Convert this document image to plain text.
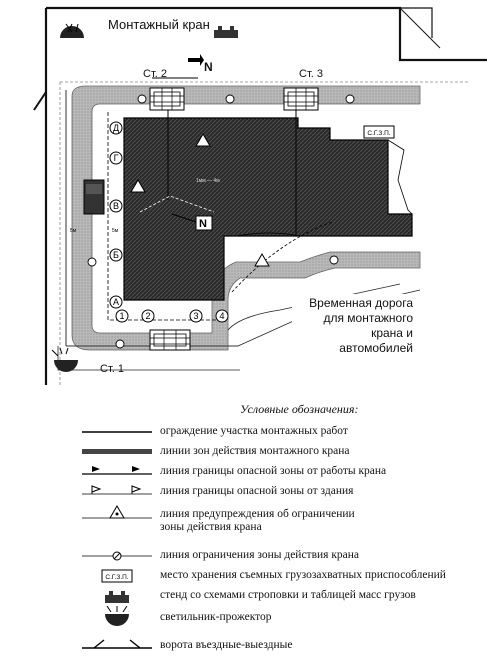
N
Д
Г
В
Б
А
1 2	3 4
С.Г.З.П.
5м	5м
1мм — 4м
Монтажный кран
N
Ст. 2	Ст. 3
Ст. 1
Временная дорога для монтажного крана и автомобилей
Условные обозначения:
ограждение участка монтажных работ
линии зон действия монтажного крана
линия границы опасной зоны от работы крана
линия границы опасной зоны от здания
линия предупреждения об ограничении зоны действия крана
линия ограничения зоны действия крана
С.Г.З.П.	место хранения съемных грузозахватных приспособлений
стенд со схемами строповки и таблицей масс грузов
светильник-прожектор
ворота въездные-выездные
